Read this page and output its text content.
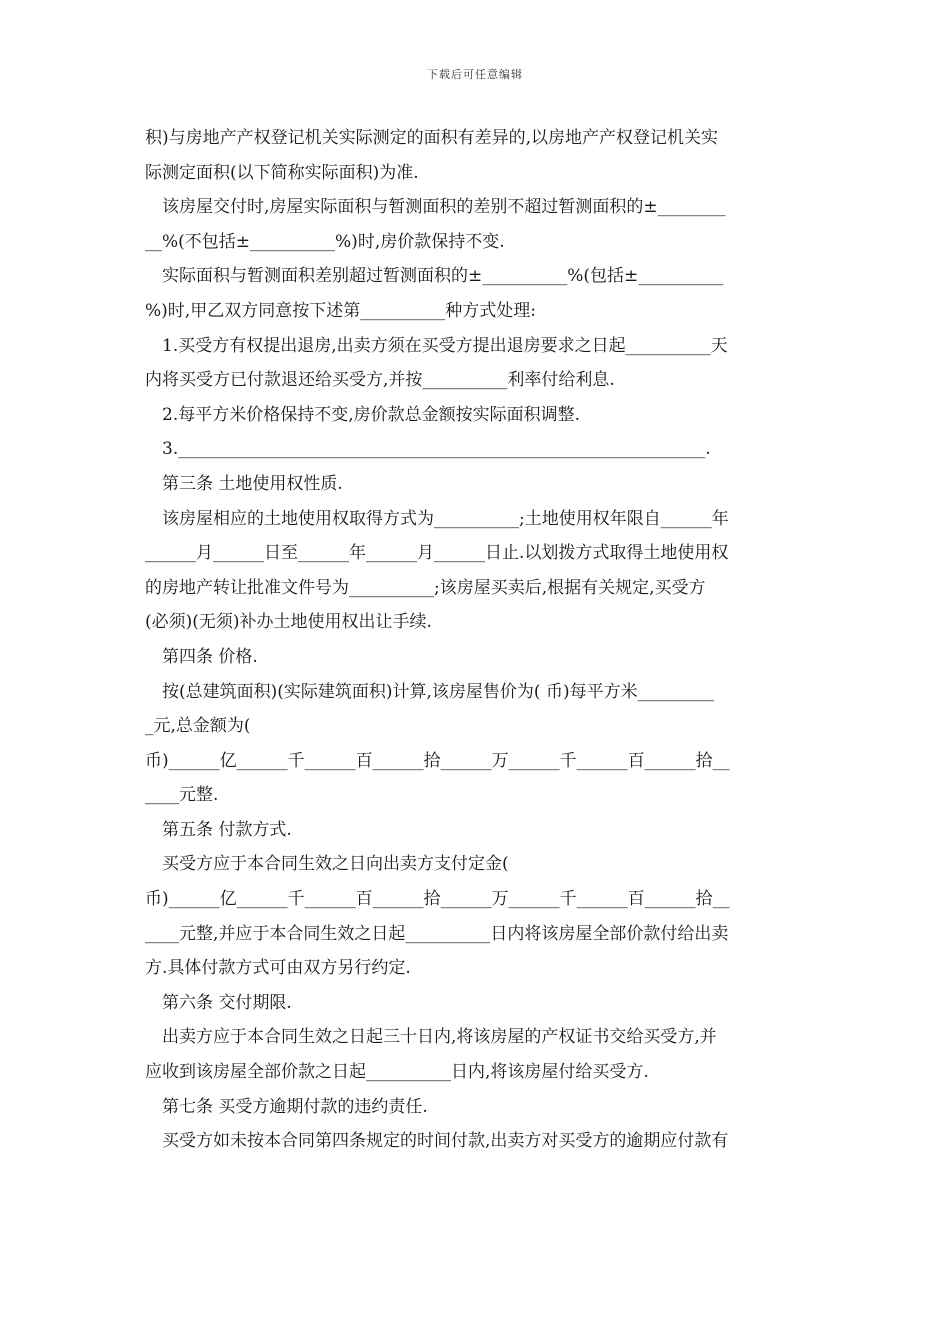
下载后可任意编辑
积)与房地产产权登记机关实际测定的面积有差异的,以房地产产权登记机关实
际测定面积(以下简称实际面积)为准.
该房屋交付时,房屋实际面积与暂测面积的差别不超过暂测面积的±________
__%(不包括±__________%)时,房价款保持不变.
实际面积与暂测面积差别超过暂测面积的±__________%(包括±__________
%)时,甲乙双方同意按下述第__________种方式处理:
1.买受方有权提出退房,出卖方须在买受方提出退房要求之日起__________天
内将买受方已付款退还给买受方,并按__________利率付给利息.
2.每平方米价格保持不变,房价款总金额按实际面积调整.
3.______________________________________________________________.
第三条 土地使用权性质.
该房屋相应的土地使用权取得方式为__________;土地使用权年限自______年
______月______日至______年______月______日止.以划拨方式取得土地使用权
的房地产转让批准文件号为__________;该房屋买卖后,根据有关规定,买受方
(必须)(无须)补办土地使用权出让手续.
第四条 价格.
按(总建筑面积)(实际建筑面积)计算,该房屋售价为( 币)每平方米_________
_元,总金额为(
币)______亿______千______百______拾______万______千______百______拾__
____元整.
第五条 付款方式.
买受方应于本合同生效之日向出卖方支付定金(
币)______亿______千______百______拾______万______千______百______拾__
____元整,并应于本合同生效之日起__________日内将该房屋全部价款付给出卖
方.具体付款方式可由双方另行约定.
第六条 交付期限.
出卖方应于本合同生效之日起三十日内,将该房屋的产权证书交给买受方,并
应收到该房屋全部价款之日起__________日内,将该房屋付给买受方.
第七条 买受方逾期付款的违约责任.
买受方如未按本合同第四条规定的时间付款,出卖方对买受方的逾期应付款有
